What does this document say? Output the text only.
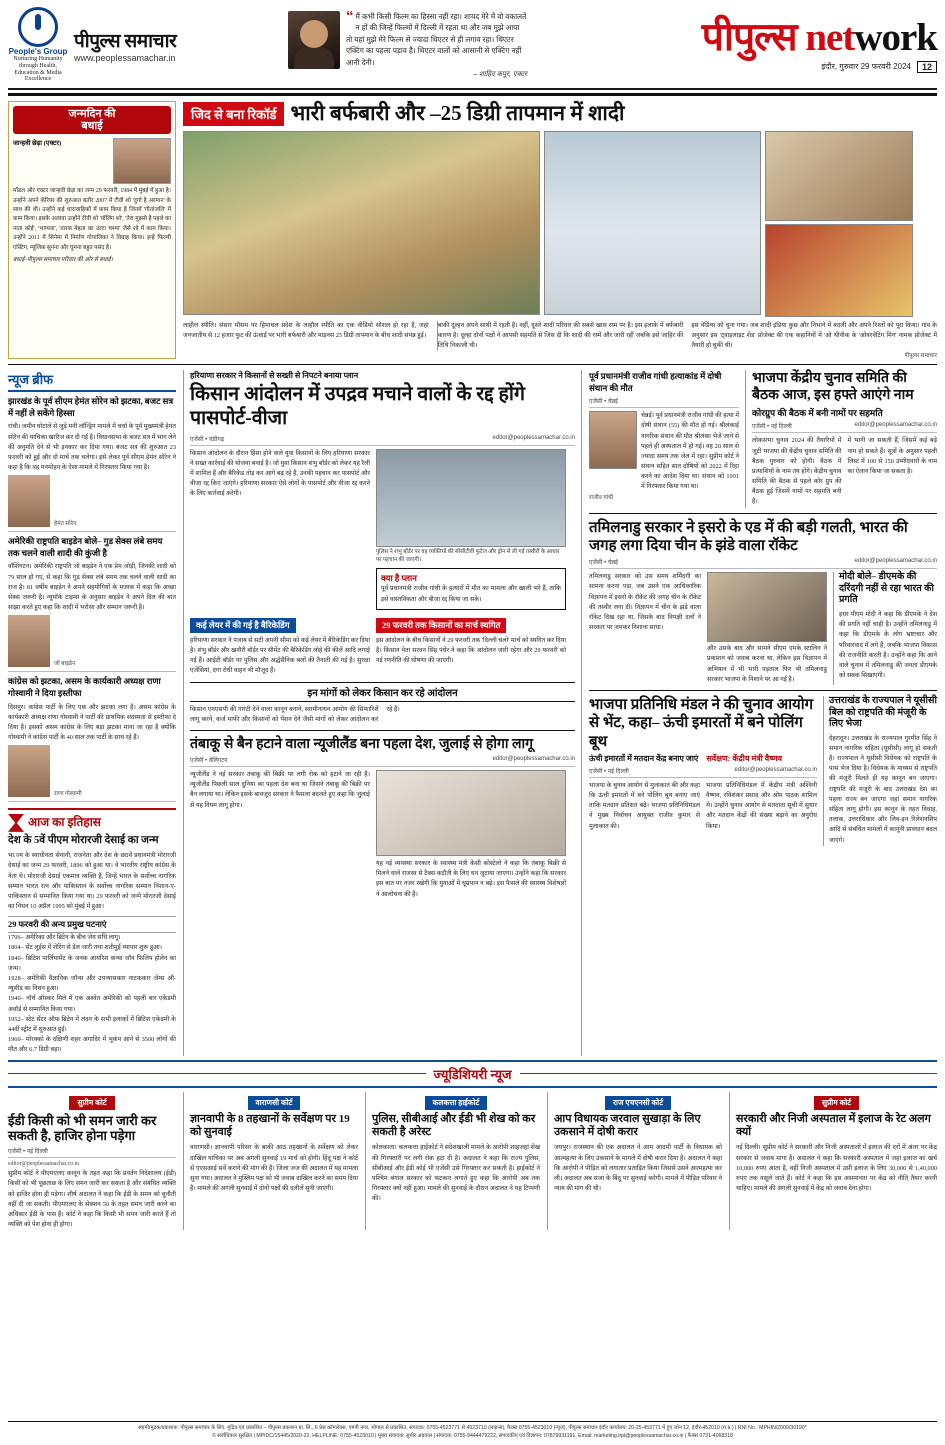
People's Group
Nurturing Humanity through Health,
Education & Media Excellence
पीपुल्स समाचार
www.peoplessamachar.in
“ मैं कभी किसी फिल्म का हिस्सा नहीं रहा। शायद मेरे में वो वकालतें न हों की जिन्हें फिल्मों में दिल्ली में रहता था और जब मुझे आया तो यहां मुझे मेरे फिल्म से ज्यादा थिएटर से ही लगाव रहा। थिएटर एक्टिंग का पहला पड़ाव है। थिएटर वालों को आसानी से एक्टिंग नहीं आनी देनी।
– शाहिद कपूर, एक्टर
पीपुल्स network
इंदौर, गुरुवार 29 फरवरी 2024	12
जन्मदिन की
बधाई
जान्हवी छेड़ा (एक्टर)
मॉडल और एक्टर जान्हवी छेड़ा का जन्म 29 फरवरी, 1984 में मुंबई में हुआ है। उन्होंने अपने कॅरियर की शुरुआत बतौर 2007 में टीवी शो 'दुर्गा है अरमान' के साथ की थी। उन्होंने कई धारावाहिकों में काम किया है जिनमें 'गीतांजलि' में काम किया। इसके अलावा उन्होंने टीवी शो 'वॉलिंग शो', 'तेरा मुझसे है पहले का नाता कोई', 'भाग्यवा', 'तारक मेहता का उल्टा चश्मा' जैसे शो में काम किया। उन्होंने 2011 में सिनेमा में निर्माण गोपालिका ने विवाह किया। इन्हें फिल्मी एक्टिंग, म्यूजिक सुनना और घूमना बहुत पसंद है।
बधाई–पीपुल्स समाचार परिवार की ओर से बधाई।
जिद से बना रिकॉर्ड भारी बर्फबारी और –25 डिग्री तापमान में शादी
लाहौल स्पीति। संसार मौसम पर हिमाचल प्रदेश के लाहौल स्पीति का एक वीडियो सोशल हो रहा है, जहां जनजातीय से 12 हजार फुट की ऊंचाई पर भारी बर्फबारी और माइनस 25 डिग्री तापमान के बीच शादी संपन्न हुई।
बाकी दूल्हन अपने साथी में रहती है। वहीं, दूसरे शादी परिवार की सबसे खास रस्म पर है। इस इलाके में बर्फबारी कारण है। दूल्हा दोनों पक्षों ने आपसी सहमति से जिस दी कि शादी की रस्में और जारी रहीं जबकि इसे जाहिर की तिथि निकाली थी।
इस वेडिंग्स को चुना गया। जब शादी इंडिया कुछ और निभाने में बदली और अपने रिश्तों को पूरा किया। गांव के अनुसार इस 'ट्वाइलाइट शेड' प्रोजेक्ट की एक कहानियों में 'ओ थीनीक के 'ओवरवेटिंग मिन' नामक प्रोजेक्ट में तैयारी हो चुकी थी।
पीपुल्स समाचार
न्यूज ब्रीफ
झारखंड के पूर्व सीएम हेमंत सोरेन को झटका, बजट सत्र में नहीं ले सकेंगे हिस्सा
रांची। जमीन घोटाले से जुड़े मनी लॉन्ड्रिंग मामले में चर्चा के पूर्व मुख्यमंत्री हेमंत सोरेन की याचिका खारिज कर दी गई है। विधानसभा के बजट सत्र में भाग लेने की अनुमति देने से भी इनकार कर दिया गया। बजट सत्र की शुरुआत 23 फरवरी को हुई और दो मार्च तक चलेगा। इसे लेकर पूर्व सीएम हेमंत सोरेन ने कहा है कि वह मनमोहन के ऐसा मामले में गिरफ्तार किया गया है।
हेमंत सोरेन
अमेरिकी राष्ट्रपति बाइडेन बोले– गुड सेक्स लंबे समय तक चलने वाली शादी की कुंजी है
वॉशिंगटन। अमेरिकी राष्ट्रपति जो बाइडेन ने एक प्रेम जोड़ी, जिनकी शादी को 79 साल हो गए, से कहा कि गुड सेक्स लंबे समय तक चलने वाली शादी का राज है। 81 वर्षीय बाइडेन ने अपने सहयोगियों के मजाक में कहा कि अच्छा सेक्स जरूरी है। न्यूयॉर्क टाइम्स के अनुसार बाइडेन ने अपने दिल की बात साझा करते हुए कहा कि शादी में भरोसा और सम्मान जरूरी है।
जो बाइडेन
कांग्रेस को झटका, असम के कार्यकारी अध्यक्ष राणा गोस्वामी ने दिया इस्तीफा
दिसपुर। कांग्रेस पार्टी के लिए एक और झटका लगा है। असम कांग्रेस के कार्यकारी अध्यक्ष राणा गोस्वामी ने पार्टी की प्राथमिक सदस्यता से इस्तीफा दे दिया है। इसको असम कांग्रेस के लिए बड़ा झटका माना जा रहा है क्योंकि गोस्वामी ने कांग्रेस पार्टी के 40 साल तक पार्टी के साथ रहे हैं।
राणा गोस्वामी
आज का इतिहास
देश के 5वें पीएम मोरारजी देसाई का जन्म
भा.ज्य के स्वाधीनता सेनानी, राजनेता और देश के छठवें प्रधानमंत्री मोरारजी देसाई का जन्म 29 फरवरी, 1896 को हुआ था। वे भारतीय राष्ट्रीय कांग्रेस के नेता थे। मोरारजी देसाई एकमात्र व्यक्ति हैं, जिन्हें भारत के सर्वोच्च नागरिक सम्मान भारत रत्न और पाकिस्तान के सर्वोच्च नागरिक सम्मान निशान-ए-पाकिस्तान से सम्मानित किया गया था। 29 फरवरी को जन्मे मोरारजी देसाई का निधन 10 अप्रैल 1995 को मुंबई में हुआ।
29 फरवरी की अन्य प्रमुख घटनाएं
1796– अमेरिका और ब्रिटेन के बीच जेय संधि लागू।
1804– सेंट लुईस में शेरिंग से डेल जारी तथा शतीमुईं व्यापार शुरू हुआ।
1840– ब्रिटिश पार्लियामेंट के जनक आयरिश कन्या जॉन फिलिप होलेन का जन्म।
1928– अमेरिकी वैज्ञानिक जॉन्स और उपन्यासकार नाटककार जेम्स औ-न्यूसीड का निधन हुआ।
1940– नॉर्थ ऑस्कर मिले में एक अश्वेत अमेरिकी को पहली बार एकेडमी अवॉर्ड से सम्मानित किया गया।
1952– स्टेट सेंटर ऑफ ब्रिटेन में लंदन के सभी इलाकों में ब्रिटिश एकेडमी के 44वीं स्ट्रीट में शुरुआत हुई।
1960– मोरक्को के दक्षिणी शहर अगादिर में भूकंप आने से 3500 लोगों की मौत और 6.7 डिग्री बड़ा।
हरियाणा सरकार ने किसानों से सख्ती से निपटने बनाया प्लान
किसान आंदोलन में उपद्रव मचाने वालों के रद्द होंगे पासपोर्ट-वीजा
एजेंसी • चंडीगढ़	editor@peoplessamachar.co.in
किसान आंदोलन के दौरान हिंसा होने वाले युवा किसानों के लिए हरियाणा सरकार ने सख्त कार्रवाई की योजना बनाई है। जो युवा किसान शंभु बॉर्डर को लेकर यह रैली में शामिल हैं और बैरिकेड तोड़ कर आगे बढ़ रहे हैं, उनकी पहचान कर पासपोर्ट और वीजा रद्द किए जाएंगे। हरियाणा सरकार ऐसे लोगों के पासपोर्ट और वीजा रद्द करने के लिए कार्रवाई करेगी।
पुलिस ने शंभु बॉर्डर पर वह व्यक्तियों की सीसीटीवी फुटेज और ड्रोन से ली गई तस्वीरों के आधार पर पहचान की जाएगी।
क्या है प्लान
पूर्व प्रधानमंत्री राजीव गांधी के हत्यारों में मौत का मामला और खाली भरे हैं, ताकि इसे वास्तविकता और बीजा रद्द किया जा सके।
कई लेयर में की गई है बैरिकेडिंग
हरियाणा सरकार ने पंजाब से सटी अपनी सीमा को कई लेयर में बैरिकेडिंग कर दिया है। शंभु बॉर्डर और खनौरी बॉर्डर पर सीमेंट की बैरिकेडिंग लोहे की कीलें आदि लगाई गई हैं। आईटी बॉर्डर पर पुलिस और अर्द्धसैनिक बलों की तैनाती की गई है। सुरक्षा एजेंसियां, दंगा रोधी वाहन भी मौजूद हैं।
29 फरवरी तक किसानों का मार्च स्थगित
इस आंदोलन के बीच किसानों ने 29 फरवरी तक 'दिल्ली चलो' मार्च को स्थगित कर दिया है। किसान नेता सरवन सिंह पंधेर ने कहा कि आंदोलन जारी रहेगा और 29 फरवरी को नई रणनीति की घोषणा की जाएगी।
इन मांगों को लेकर किसान कर रहे आंदोलन
किसान एमएसपी की गारंटी देने वाला कानून बनाने, स्वामीनाथन आयोग की सिफारिशें लागू करने, कर्ज माफी और किसानों को पेंशन देने जैसी मांगों को लेकर आंदोलन कर रहे हैं।
तंबाकू से बैन हटाने वाला न्यूजीलैंड बना पहला देश, जुलाई से होगा लागू
एजेंसी • वेलिंगटन	editor@peoplessamachar.co.in
न्यूजीलैंड ने नई सरकार तंबाकू की बिक्री पर लगी रोक को हटाने जा रही है। न्यूजीलैंड पिछली साल दुनिया का पहला देश बना था जिसने तंबाकू की बिक्री पर बैन लगाया था। लेकिन इसके बावजूद सरकार ने फैसला बदलते हुए कहा कि जुलाई से यह नियम लागू होगा।
यह नई व्यवस्था सरकार के स्वास्थ्य मंत्री केसी कोस्टेलो ने कहा कि तंबाकू बिक्री से मिलने वाले राजस्व से टैक्स कटौती के लिए धन जुटाया जाएगा। उन्होंने कहा कि सरकार इस बात पर नजर रखेगी कि युवाओं में धूम्रपान न बढ़े। इस फैसले की स्वास्थ्य विशेषज्ञों ने आलोचना की है।
पूर्व प्रधानमंत्री राजीव गांधी हत्याकांड में दोषी संथान की मौत
एजेंसी • चेन्नई
चेन्नई। पूर्व प्रधानमंत्री राजीव गांधी की हत्या में दोषी संथान (55) की मौत हो गई। श्रीलंकाई नागरिक संथान की मौत श्रीलंका भेजे जाने से पहले ही अस्पताल में हो गई। वह 20 साल से ज्यादा समय तक जेल में रहा। सुप्रीम कोर्ट ने संथान सहित सात दोषियों को 2022 में रिहा करने का आदेश दिया था। संथान को 1991 में गिरफ्तार किया गया था।
राजीव गांधी
भाजपा केंद्रीय चुनाव समिति की बैठक आज, इस हफ्ते आएंगे नाम
कोरग्रुप की बैठक में बनी नामों पर सहमति
एजेंसी • नई दिल्ली	editor@peoplessamachar.co.in
लोकसभा चुनाव 2024 की तैयारियों में जुटी भाजपा की केंद्रीय चुनाव समिति की बैठक गुरुवार को होगी। बैठक में प्रत्याशियों के नाम तय होंगे। केंद्रीय चुनाव समिति की बैठक से पहले कोर ग्रुप की बैठक हुई जिसमें नामों पर सहमति बनी है।
में भागी जा सकती हैं, जिसमें कई बड़े नाम हो सकते हैं। सूत्रों के अनुसार पहली लिस्ट में 100 से 150 उम्मीदवारों के नाम का ऐलान किया जा सकता है।
तमिलनाडु सरकार ने इसरो के एड में की बड़ी गलती, भारत की जगह लगा दिया चीन के झंडे वाला रॉकेट
एजेंसी • चेन्नई	editor@peoplessamachar.co.in
तमिलनाडु सरकार को उस समय शर्मिंदगी का सामना करना पड़ा, जब उसने एक आधिकारिक विज्ञापन में इसरो के रॉकेट की जगह चीन के रॉकेट की तस्वीर लगा दी। विज्ञापन में चीन के झंडे वाला रॉकेट दिख रहा था, जिसके बाद विपक्षी दलों ने सरकार पर जमकर निशाना साधा।
और उसके बाद और सामने सीएम एमके स्टालिन ने प्रकाशन को जवाब करना था, लेकिन इस विज्ञापन में अभियान में भी भारी पड़ताल फिर भी तमिलनाडु सरकार भाजपा के निशाने पर आ गई है।
मोदी बोले– डीएमके की दरिंदगी नहीं से रहा भारत की प्रगति
इधर पीएम मोदी ने कहा कि डीएमके ने देश की प्रगति नहीं चाही है। उन्होंने तमिलनाडु में कहा कि डीएमके के लोग भ्रष्टाचार और परिवारवाद में लगे हैं, जबकि भाजपा विकास की राजनीति करती है। उन्होंने कहा कि आने वाले चुनाव में तमिलनाडु की जनता डीएमके को सबक सिखाएगी।
भाजपा प्रतिनिधि मंडल ने की चुनाव आयोग से भेंट, कहा– ऊंची इमारतों में बने पोलिंग बूथ
ऊंची इमारतों में मतदान केंद्र बनाए जाएं सर्वेक्षण: केंद्रीय मंत्री वैष्णव
एजेंसी • नई दिल्ली	editor@peoplessamachar.co.in
भाजपा के चुनाव आयोग से मुलाकात की और कहा कि ऊंची इमारतों में बने पोलिंग बूथ बनाए जाएं ताकि मतदान प्रतिशत बढ़े। भाजपा प्रतिनिधिमंडल ने मुख्य निर्वाचन आयुक्त राजीव कुमार से मुलाकात की।
भाजपा प्रतिनिधिमंडल में केंद्रीय मंत्री अश्विनी वैष्णव, रविशंकर प्रसाद और ओम पाठक शामिल थे। उन्होंने चुनाव आयोग से मतदाता सूची में सुधार और मतदान केंद्रों की संख्या बढ़ाने का अनुरोध किया।
उत्तराखंड के राज्यपाल ने यूसीसी बिल को राष्ट्रपति की मंजूरी के लिए भेजा
देहरादून। उत्तराखंड के राज्यपाल गुरमीत सिंह ने समान नागरिक संहिता (यूसीसी) लागू हो सकती है। राज्यपाल ने यूसीसी विधेयक को राष्ट्रपति के पास भेज दिया है। विधेयक के माध्यम से राष्ट्रपति की मंजूरी मिलते ही यह कानून बन जाएगा। राष्ट्रपति की मंजूरी के बाद उत्तराखंड देश का पहला राज्य बन जाएगा जहां समान नागरिक संहिता लागू होगी। इस कानून के तहत विवाह, तलाक, उत्तराधिकार और लिव-इन रिलेशनशिप आदि से संबंधित मामलों में कानूनी प्रावधान बदल जाएंगे।
ज्यूडिशियरी न्यूज
सुप्रीम कोर्ट
ईडी किसी को भी समन जारी कर सकती है, हाजिर होना पड़ेगा
एजेंसी • नई दिल्ली
editor@peoplessamachar.co.in
सुप्रीम कोर्ट ने पीएमएलए कानून के तहत कहा कि प्रवर्तन निदेशालय (ईडी) किसी को भी पूछताछ के लिए समन जारी कर सकता है और संबंधित व्यक्ति को हाजिर होना ही पड़ेगा। शीर्ष अदालत ने कहा कि ईडी के समन को चुनौती नहीं दी जा सकती। पीएमएलए के सेक्शन 50 के तहत समन जारी करने का अधिकार ईडी के पास है। कोर्ट ने कहा कि किसी भी समन जारी करते हैं तो व्यक्ति को पेश होना ही होगा।
वाराणसी कोर्ट
ज्ञानवापी के 8 तहखानों के सर्वेक्षण पर 19 को सुनवाई
वाराणसी। ज्ञानवापी परिसर के बाकी आठ तहखानों के सर्वेक्षण को लेकर दाखिल याचिका पर अब अगली सुनवाई 19 मार्च को होगी। हिंदू पक्ष ने कोर्ट से एएसआई सर्वे कराने की मांग की है। जिला जज की अदालत में यह मामला सुना गया। अदालत ने मुस्लिम पक्ष को भी जवाब दाखिल करने का समय दिया है। मामले की अगली सुनवाई में दोनों पक्षों की दलीलें सुनी जाएंगी।
कलकत्ता हाईकोर्ट
पुलिस, सीबीआई और ईडी भी शेख को कर सकती है अरेस्ट
कोलकाता। कलकत्ता हाईकोर्ट ने संदेशखाली मामले के आरोपी शाहजहां शेख की गिरफ्तारी पर लगी रोक हटा दी है। अदालत ने कहा कि राज्य पुलिस, सीबीआई और ईडी कोई भी एजेंसी उसे गिरफ्तार कर सकती है। हाईकोर्ट ने पश्चिम बंगाल सरकार को फटकार लगाते हुए कहा कि आरोपी अब तक गिरफ्तार क्यों नहीं हुआ। मामले की सुनवाई के दौरान अदालत ने यह टिप्पणी की।
राज एचएनसी कोर्ट
आप विधायक जरवाल सुखाड़ा के लिए उकसाने में दोषी करार
जयपुर। राजस्थान की एक अदालत ने आम आदमी पार्टी के विधायक को आत्महत्या के लिए उकसाने के मामले में दोषी करार दिया है। अदालत ने कहा कि आरोपी ने पीड़ित को लगातार प्रताड़ित किया जिससे उसने आत्महत्या कर ली। अदालत अब सजा के बिंदु पर सुनवाई करेगी। मामले में पीड़ित परिवार ने न्याय की मांग की थी।
सुप्रीम कोर्ट
सरकारी और निजी अस्पताल में इलाज के रेट अलग क्यों
नई दिल्ली। सुप्रीम कोर्ट ने सरकारी और निजी अस्पतालों में इलाज की दरों में अंतर पर केंद्र सरकार से जवाब मांगा है। अदालत ने कहा कि सरकारी अस्पताल में जहां इलाज का खर्च 10,000 रुपए आता है, वहीं निजी अस्पताल में उसी इलाज के लिए 30,000 से 1,40,000 रुपए तक वसूले जाते हैं। कोर्ट ने कहा कि इस असमानता पर केंद्र को नीति तैयार करनी चाहिए। मामले की अगली सुनवाई में केंद्र को जवाब देना होगा।
स्वामी/मुद्रक/प्रकाशक: पीपुल्स समाचार के लिए, मुद्रित एवं प्रकाशित – पीपुल्स प्रकाशन प्रा. लि., 6 प्रेस कॉम्प्लेक्स, एमपी नगर, भोपाल से प्रकाशित, संपादक: 0755-4523771 से 4523710 (लाइन्स), फैक्स 0755-4523010 (न्यूज), पीपुल्स समाचार इंदौर कार्यालय: 20-25-453771 में हुए जोन 12, इंदौर-452010 (म.प्र.) | RNI No.: MPHIN/2009/30190*
© सर्वाधिकार सुरक्षित | MPIDC/15445/2020-22, HELPLINE: 0755-4523010 | मुख्य संपादक: सुधीर अग्रवाल | संपादक: 0755-9444479222, संपादकीय एवं विज्ञापन: 07879931191, Email: marketing.bpl@peoplessamachar.co.in | फैक्स 0731-4068318
